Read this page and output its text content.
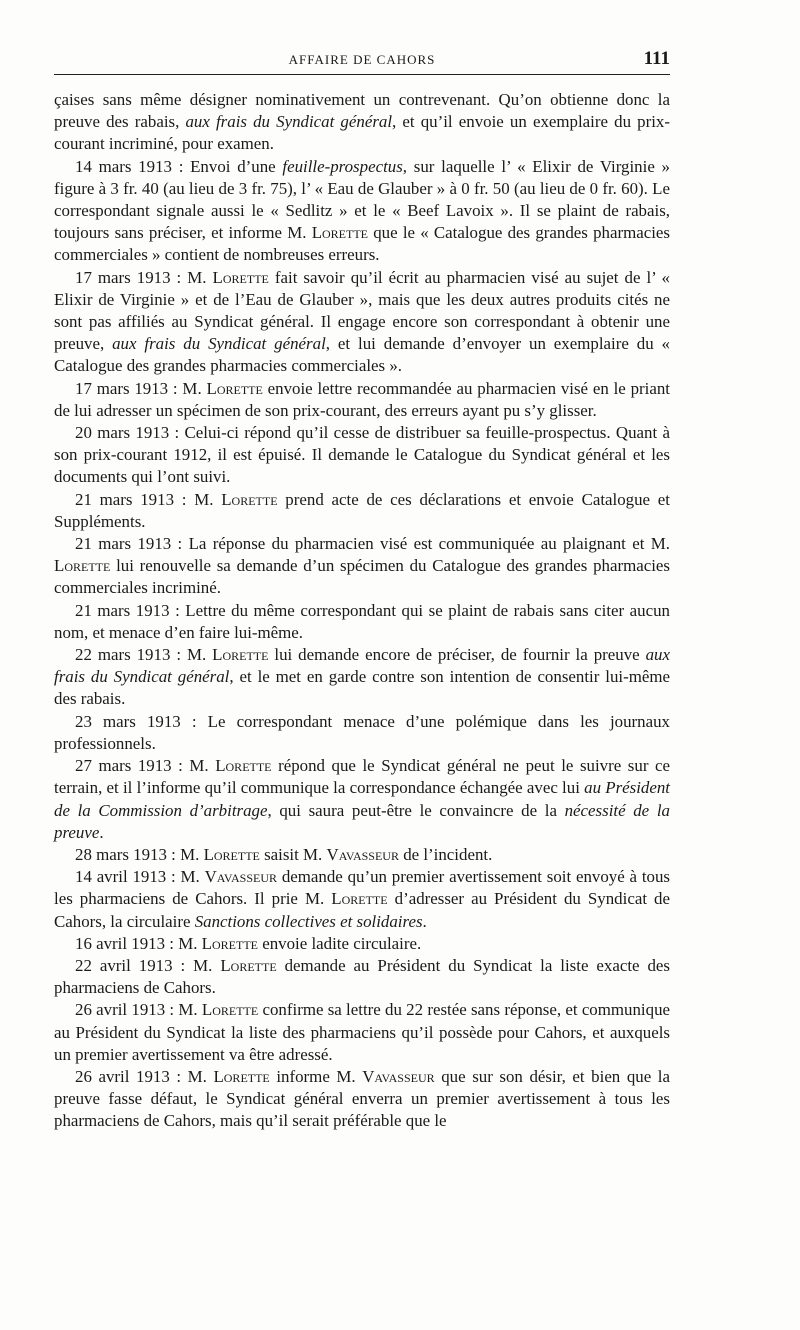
AFFAIRE DE CAHORS	111

çaises sans même désigner nominativement un contrevenant. Qu’on obtienne donc la preuve des rabais, aux frais du Syndicat général, et qu’il envoie un exemplaire du prix-courant incriminé, pour examen.

14 mars 1913 : Envoi d’une feuille-prospectus, sur laquelle l’ « Elixir de Virginie » figure à 3 fr. 40 (au lieu de 3 fr. 75), l’ « Eau de Glauber » à 0 fr. 50 (au lieu de 0 fr. 60). Le correspondant signale aussi le « Sedlitz » et le « Beef Lavoix ». Il se plaint de rabais, toujours sans préciser, et informe M. Lorette que le « Catalogue des grandes pharmacies commerciales » contient de nombreuses erreurs.

17 mars 1913 : M. Lorette fait savoir qu’il écrit au pharmacien visé au sujet de l’ « Elixir de Virginie » et de l’Eau de Glauber », mais que les deux autres produits cités ne sont pas affiliés au Syndicat général. Il engage encore son correspondant à obtenir une preuve, aux frais du Syndicat général, et lui demande d’envoyer un exemplaire du « Catalogue des grandes pharmacies commerciales ».

17 mars 1913 : M. Lorette envoie lettre recommandée au pharmacien visé en le priant de lui adresser un spécimen de son prix-courant, des erreurs ayant pu s’y glisser.

20 mars 1913 : Celui-ci répond qu’il cesse de distribuer sa feuille-prospectus. Quant à son prix-courant 1912, il est épuisé. Il demande le Catalogue du Syndicat général et les documents qui l’ont suivi.

21 mars 1913 : M. Lorette prend acte de ces déclarations et envoie Catalogue et Suppléments.

21 mars 1913 : La réponse du pharmacien visé est communiquée au plaignant et M. Lorette lui renouvelle sa demande d’un spécimen du Catalogue des grandes pharmacies commerciales incriminé.

21 mars 1913 : Lettre du même correspondant qui se plaint de rabais sans citer aucun nom, et menace d’en faire lui-même.

22 mars 1913 : M. Lorette lui demande encore de préciser, de fournir la preuve aux frais du Syndicat général, et le met en garde contre son intention de consentir lui-même des rabais.

23 mars 1913 : Le correspondant menace d’une polémique dans les journaux professionnels.

27 mars 1913 : M. Lorette répond que le Syndicat général ne peut le suivre sur ce terrain, et il l’informe qu’il communique la correspondance échangée avec lui au Président de la Commission d’arbitrage, qui saura peut-être le convaincre de la nécessité de la preuve.

28 mars 1913 : M. Lorette saisit M. Vavasseur de l’incident.

14 avril 1913 : M. Vavasseur demande qu’un premier avertissement soit envoyé à tous les pharmaciens de Cahors. Il prie M. Lorette d’adresser au Président du Syndicat de Cahors, la circulaire Sanctions collectives et solidaires.

16 avril 1913 : M. Lorette envoie ladite circulaire.

22 avril 1913 : M. Lorette demande au Président du Syndicat la liste exacte des pharmaciens de Cahors.

26 avril 1913 : M. Lorette confirme sa lettre du 22 restée sans réponse, et communique au Président du Syndicat la liste des pharmaciens qu’il possède pour Cahors, et auxquels un premier avertissement va être adressé.

26 avril 1913 : M. Lorette informe M. Vavasseur que sur son désir, et bien que la preuve fasse défaut, le Syndicat général enverra un premier avertissement à tous les pharmaciens de Cahors, mais qu’il serait préférable que le
